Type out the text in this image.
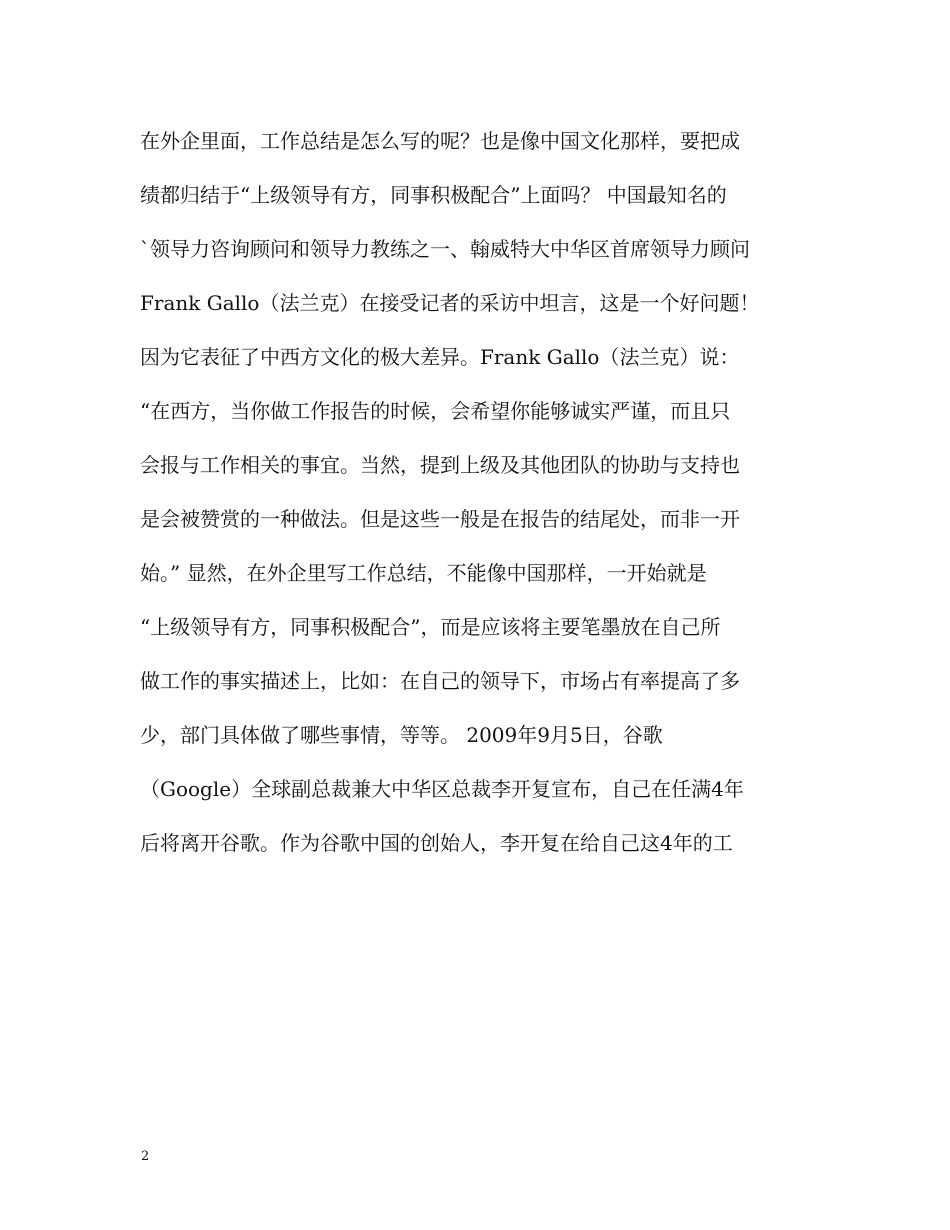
在外企里面，工作总结是怎么写的呢？也是像中国文化那样，要把成
绩都归结于“上级领导有方，同事积极配合”上面吗？ 中国最知名的
`领导力咨询顾问和领导力教练之一、翰威特大中华区首席领导力顾问
Frank Gallo（法兰克）在接受记者的采访中坦言，这是一个好问题！
因为它表征了中西方文化的极大差异。Frank Gallo（法兰克）说：
“在西方，当你做工作报告的时候，会希望你能够诚实严谨，而且只
会报与工作相关的事宜。当然，提到上级及其他团队的协助与支持也
是会被赞赏的一种做法。但是这些一般是在报告的结尾处，而非一开
始。” 显然，在外企里写工作总结，不能像中国那样，一开始就是
“上级领导有方，同事积极配合”，而是应该将主要笔墨放在自己所
做工作的事实描述上，比如：在自己的领导下，市场占有率提高了多
少，部门具体做了哪些事情，等等。 2009年9月5日，谷歌
（Google）全球副总裁兼大中华区总裁李开复宣布，自己在任满4年
后将离开谷歌。作为谷歌中国的创始人，李开复在给自己这4年的工
2
